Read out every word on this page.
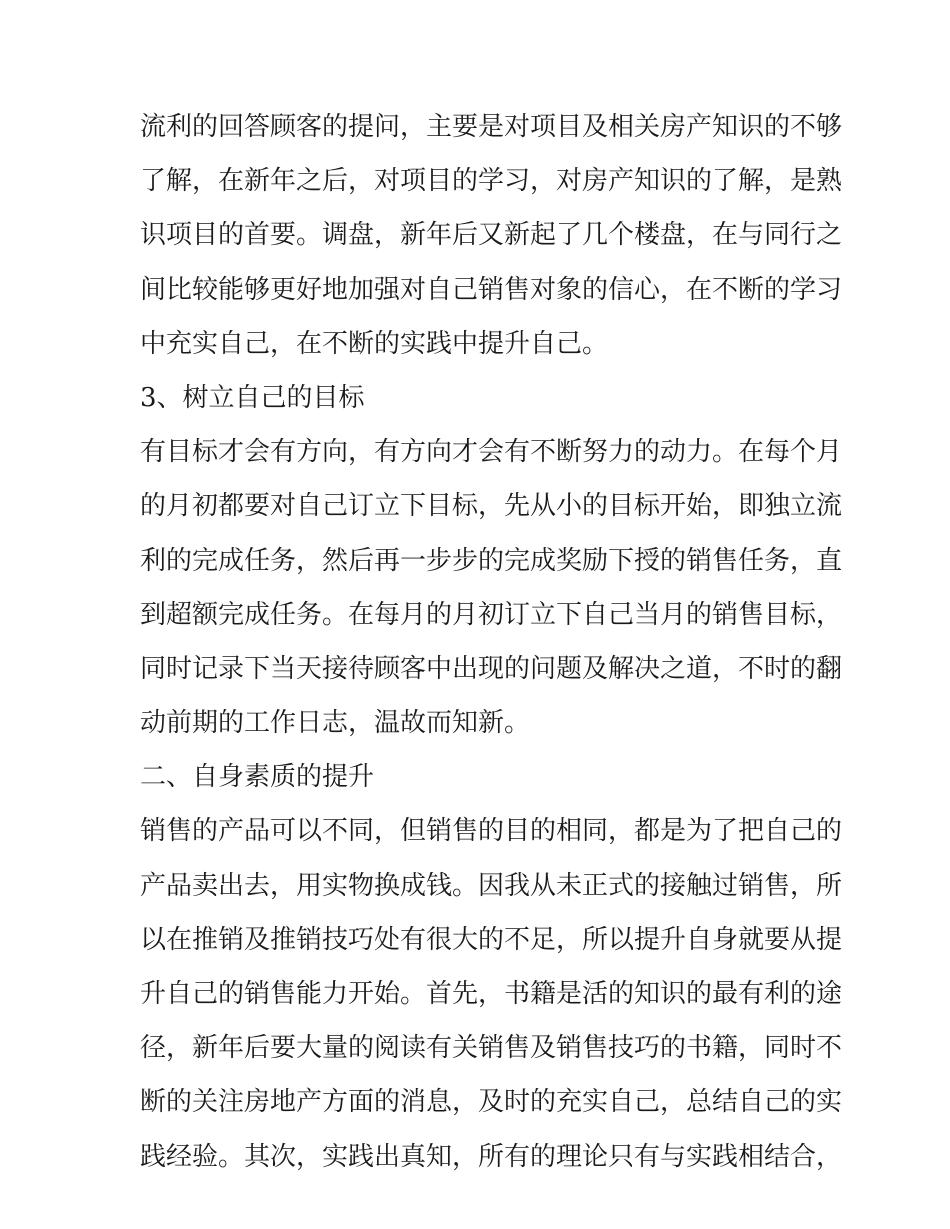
流利的回答顾客的提问，主要是对项目及相关房产知识的不够
了解，在新年之后，对项目的学习，对房产知识的了解，是熟
识项目的首要。调盘，新年后又新起了几个楼盘，在与同行之
间比较能够更好地加强对自己销售对象的信心，在不断的学习
中充实自己，在不断的实践中提升自己。
3、树立自己的目标
有目标才会有方向，有方向才会有不断努力的动力。在每个月
的月初都要对自己订立下目标，先从小的目标开始，即独立流
利的完成任务，然后再一步步的完成奖励下授的销售任务，直
到超额完成任务。在每月的月初订立下自己当月的销售目标，
同时记录下当天接待顾客中出现的问题及解决之道，不时的翻
动前期的工作日志，温故而知新。
二、自身素质的提升
销售的产品可以不同，但销售的目的相同，都是为了把自己的
产品卖出去，用实物换成钱。因我从未正式的接触过销售，所
以在推销及推销技巧处有很大的不足，所以提升自身就要从提
升自己的销售能力开始。首先，书籍是活的知识的最有利的途
径，新年后要大量的阅读有关销售及销售技巧的书籍，同时不
断的关注房地产方面的消息，及时的充实自己，总结自己的实
践经验。其次，实践出真知，所有的理论只有与实践相结合，
